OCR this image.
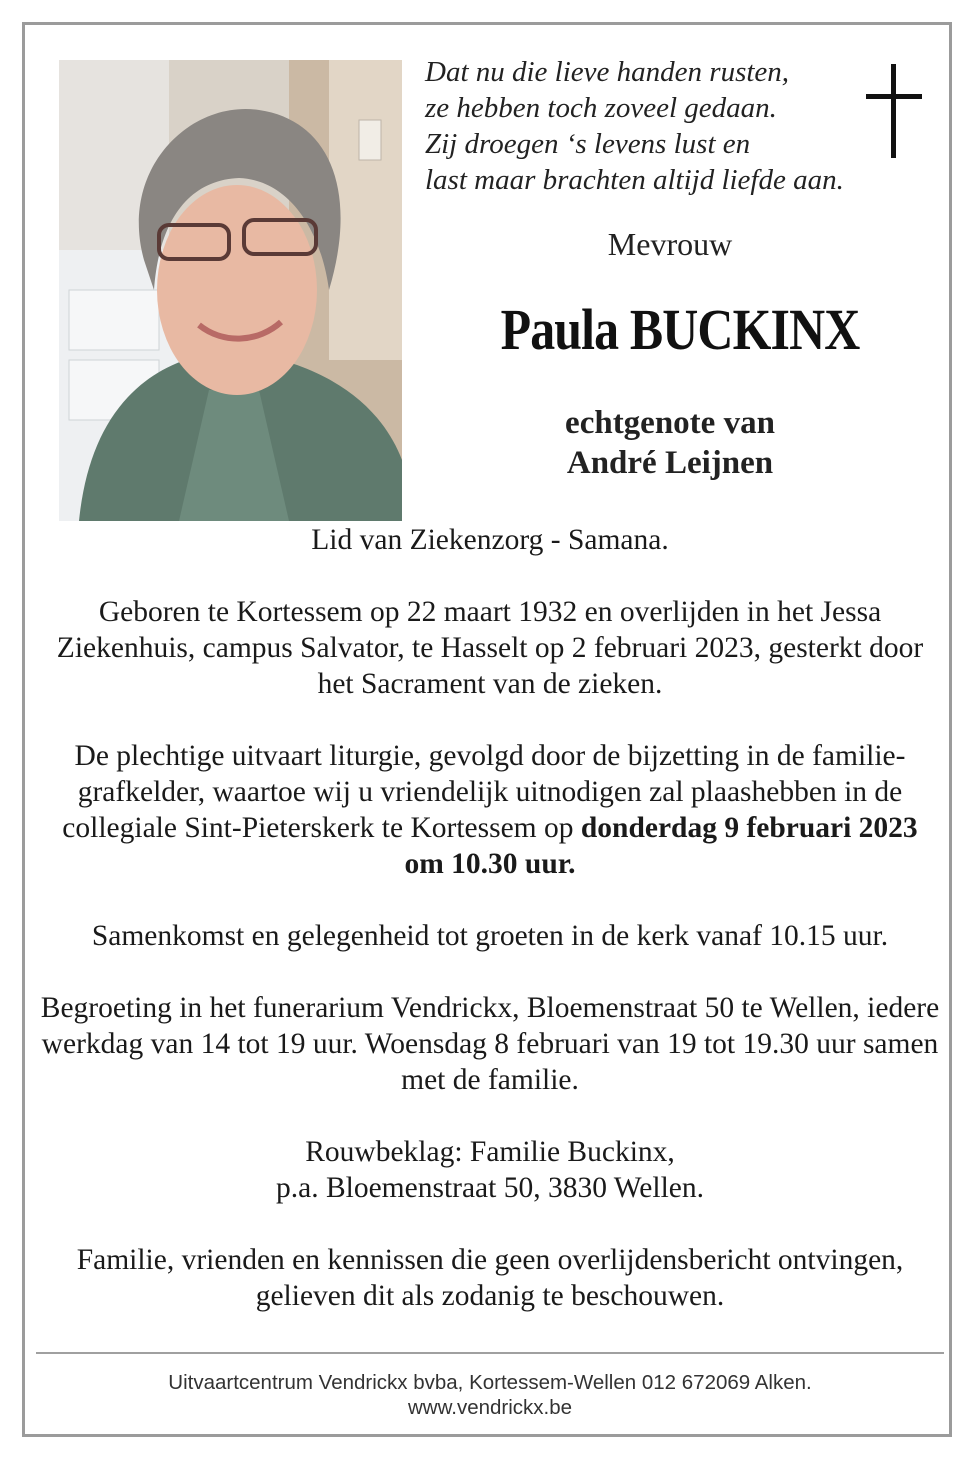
Dat nu die lieve handen rusten,
ze hebben toch zoveel gedaan.
Zij droegen ‘s levens lust en
last maar brachten altijd liefde aan.
Mevrouw
Paula BUCKINX
echtgenote van
André Leijnen

Lid van Ziekenzorg - Samana.

Geboren te Kortessem op 22 maart 1932 en overlijden in het Jessa Ziekenhuis, campus Salvator, te Hasselt op 2 februari 2023, gesterkt door het Sacrament van de zieken.

De plechtige uitvaart liturgie, gevolgd door de bijzetting in de familie- grafkelder, waartoe wij u vriendelijk uitnodigen zal plaashebben in de collegiale Sint-Pieterskerk te Kortessem op donderdag 9 februari 2023 om 10.30 uur.

Samenkomst en gelegenheid tot groeten in de kerk vanaf 10.15 uur.

Begroeting in het funerarium Vendrickx, Bloemenstraat 50 te Wellen, iedere werkdag van 14 tot 19 uur. Woensdag 8 februari van 19 tot 19.30 uur samen met de familie.

Rouwbeklag: Familie Buckinx,
p.a. Bloemenstraat 50, 3830 Wellen.

Familie, vrienden en kennissen die geen overlijdensbericht ontvingen, gelieven dit als zodanig te beschouwen.

Uitvaartcentrum Vendrickx bvba, Kortessem-Wellen 012 672069 Alken.
www.vendrickx.be
